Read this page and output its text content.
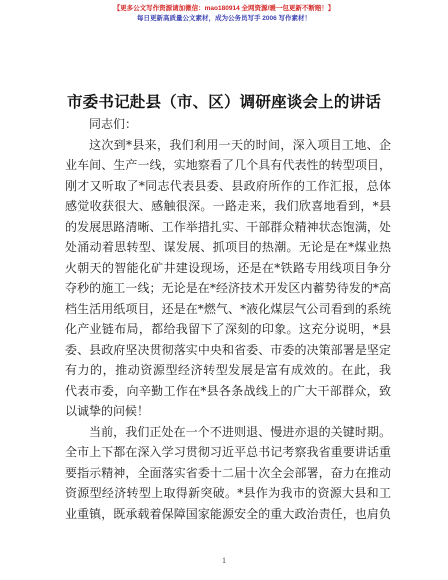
【更多公文写作资源请加微信：mao180914 全网资源/暖一包更新不断赔！】
每日更新高质量公文素材，成为公务员写手 2006 写作素材！
市委书记赴县（市、区）调研座谈会上的讲话
同志们：
这次到*县来，我们利用一天的时间，深入项目工地、企
业车间、生产一线，实地察看了几个具有代表性的转型项目，
刚才又听取了*同志代表县委、县政府所作的工作汇报，总体
感觉收获很大、感触很深。一路走来，我们欣喜地看到，*县
的发展思路清晰、工作举措扎实、干部群众精神状态饱满，处
处涌动着思转型、谋发展、抓项目的热潮。无论是在*煤业热
火朝天的智能化矿井建设现场，还是在*铁路专用线项目争分
夺秒的施工一线；无论是在*经济技术开发区内蓄势待发的*高
档生活用纸项目，还是在*燃气、*液化煤层气公司看到的系统
化产业链布局，都给我留下了深刻的印象。这充分说明，*县
委、县政府坚决贯彻落实中央和省委、市委的决策部署是坚定
有力的，推动资源型经济转型发展是富有成效的。在此，我
代表市委，向辛勤工作在*县各条战线上的广大干部群众，致
以诚挚的问候！
当前，我们正处在一个不进则退、慢进亦退的关键时期。
全市上下都在深入学习贯彻习近平总书记考察我省重要讲话重
要指示精神，全面落实省委十二届十次全会部署，奋力在推动
资源型经济转型上取得新突破。*县作为我市的资源大县和工
业重镇，既承载着保障国家能源安全的重大政治责任，也肩负
1
